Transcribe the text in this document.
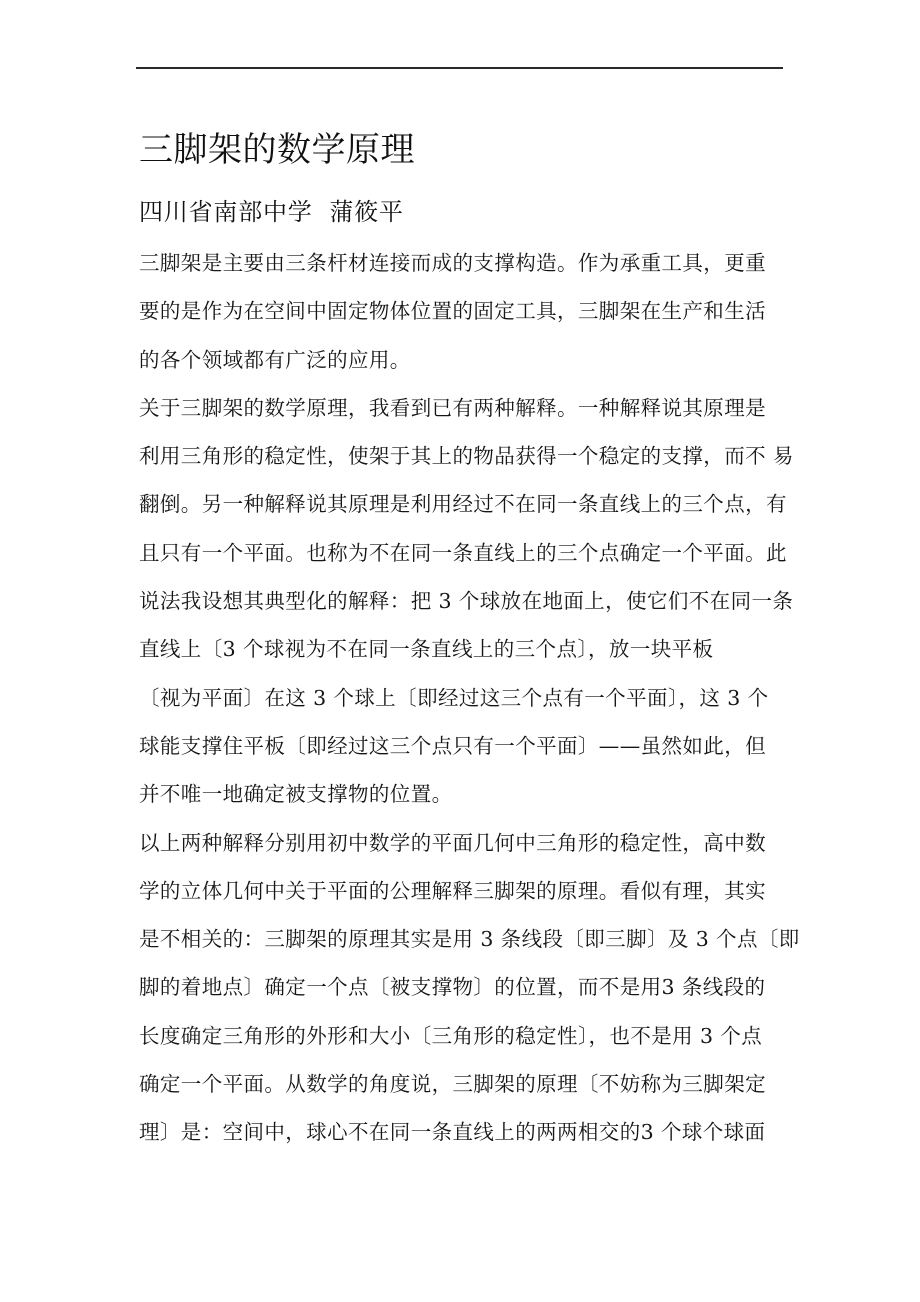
三脚架的数学原理

四川省南部中学  蒲筱平

三脚架是主要由三条杆材连接而成的支撑构造。作为承重工具，更重
要的是作为在空间中固定物体位置的固定工具，三脚架在生产和生活
的各个领域都有广泛的应用。
关于三脚架的数学原理，我看到已有两种解释。一种解释说其原理是
利用三角形的稳定性，使架于其上的物品获得一个稳定的支撑，而不 易
翻倒。另一种解释说其原理是利用经过不在同一条直线上的三个点，有
且只有一个平面。也称为不在同一条直线上的三个点确定一个平面。此
说法我设想其典型化的解释：把 3 个球放在地面上，使它们不在同一条
直线上〔3 个球视为不在同一条直线上的三个点〕，放一块平板
〔视为平面〕在这 3 个球上〔即经过这三个点有一个平面〕，这 3 个
球能支撑住平板〔即经过这三个点只有一个平面〕——虽然如此，但
并不唯一地确定被支撑物的位置。
以上两种解释分别用初中数学的平面几何中三角形的稳定性，高中数
学的立体几何中关于平面的公理解释三脚架的原理。看似有理，其实
是不相关的：三脚架的原理其实是用 3 条线段〔即三脚〕及 3 个点〔即
脚的着地点〕确定一个点〔被支撑物〕的位置，而不是用3 条线段的
长度确定三角形的外形和大小〔三角形的稳定性〕，也不是用 3 个点
确定一个平面。从数学的角度说，三脚架的原理〔不妨称为三脚架定
理〕是：空间中，球心不在同一条直线上的两两相交的3 个球个球面
